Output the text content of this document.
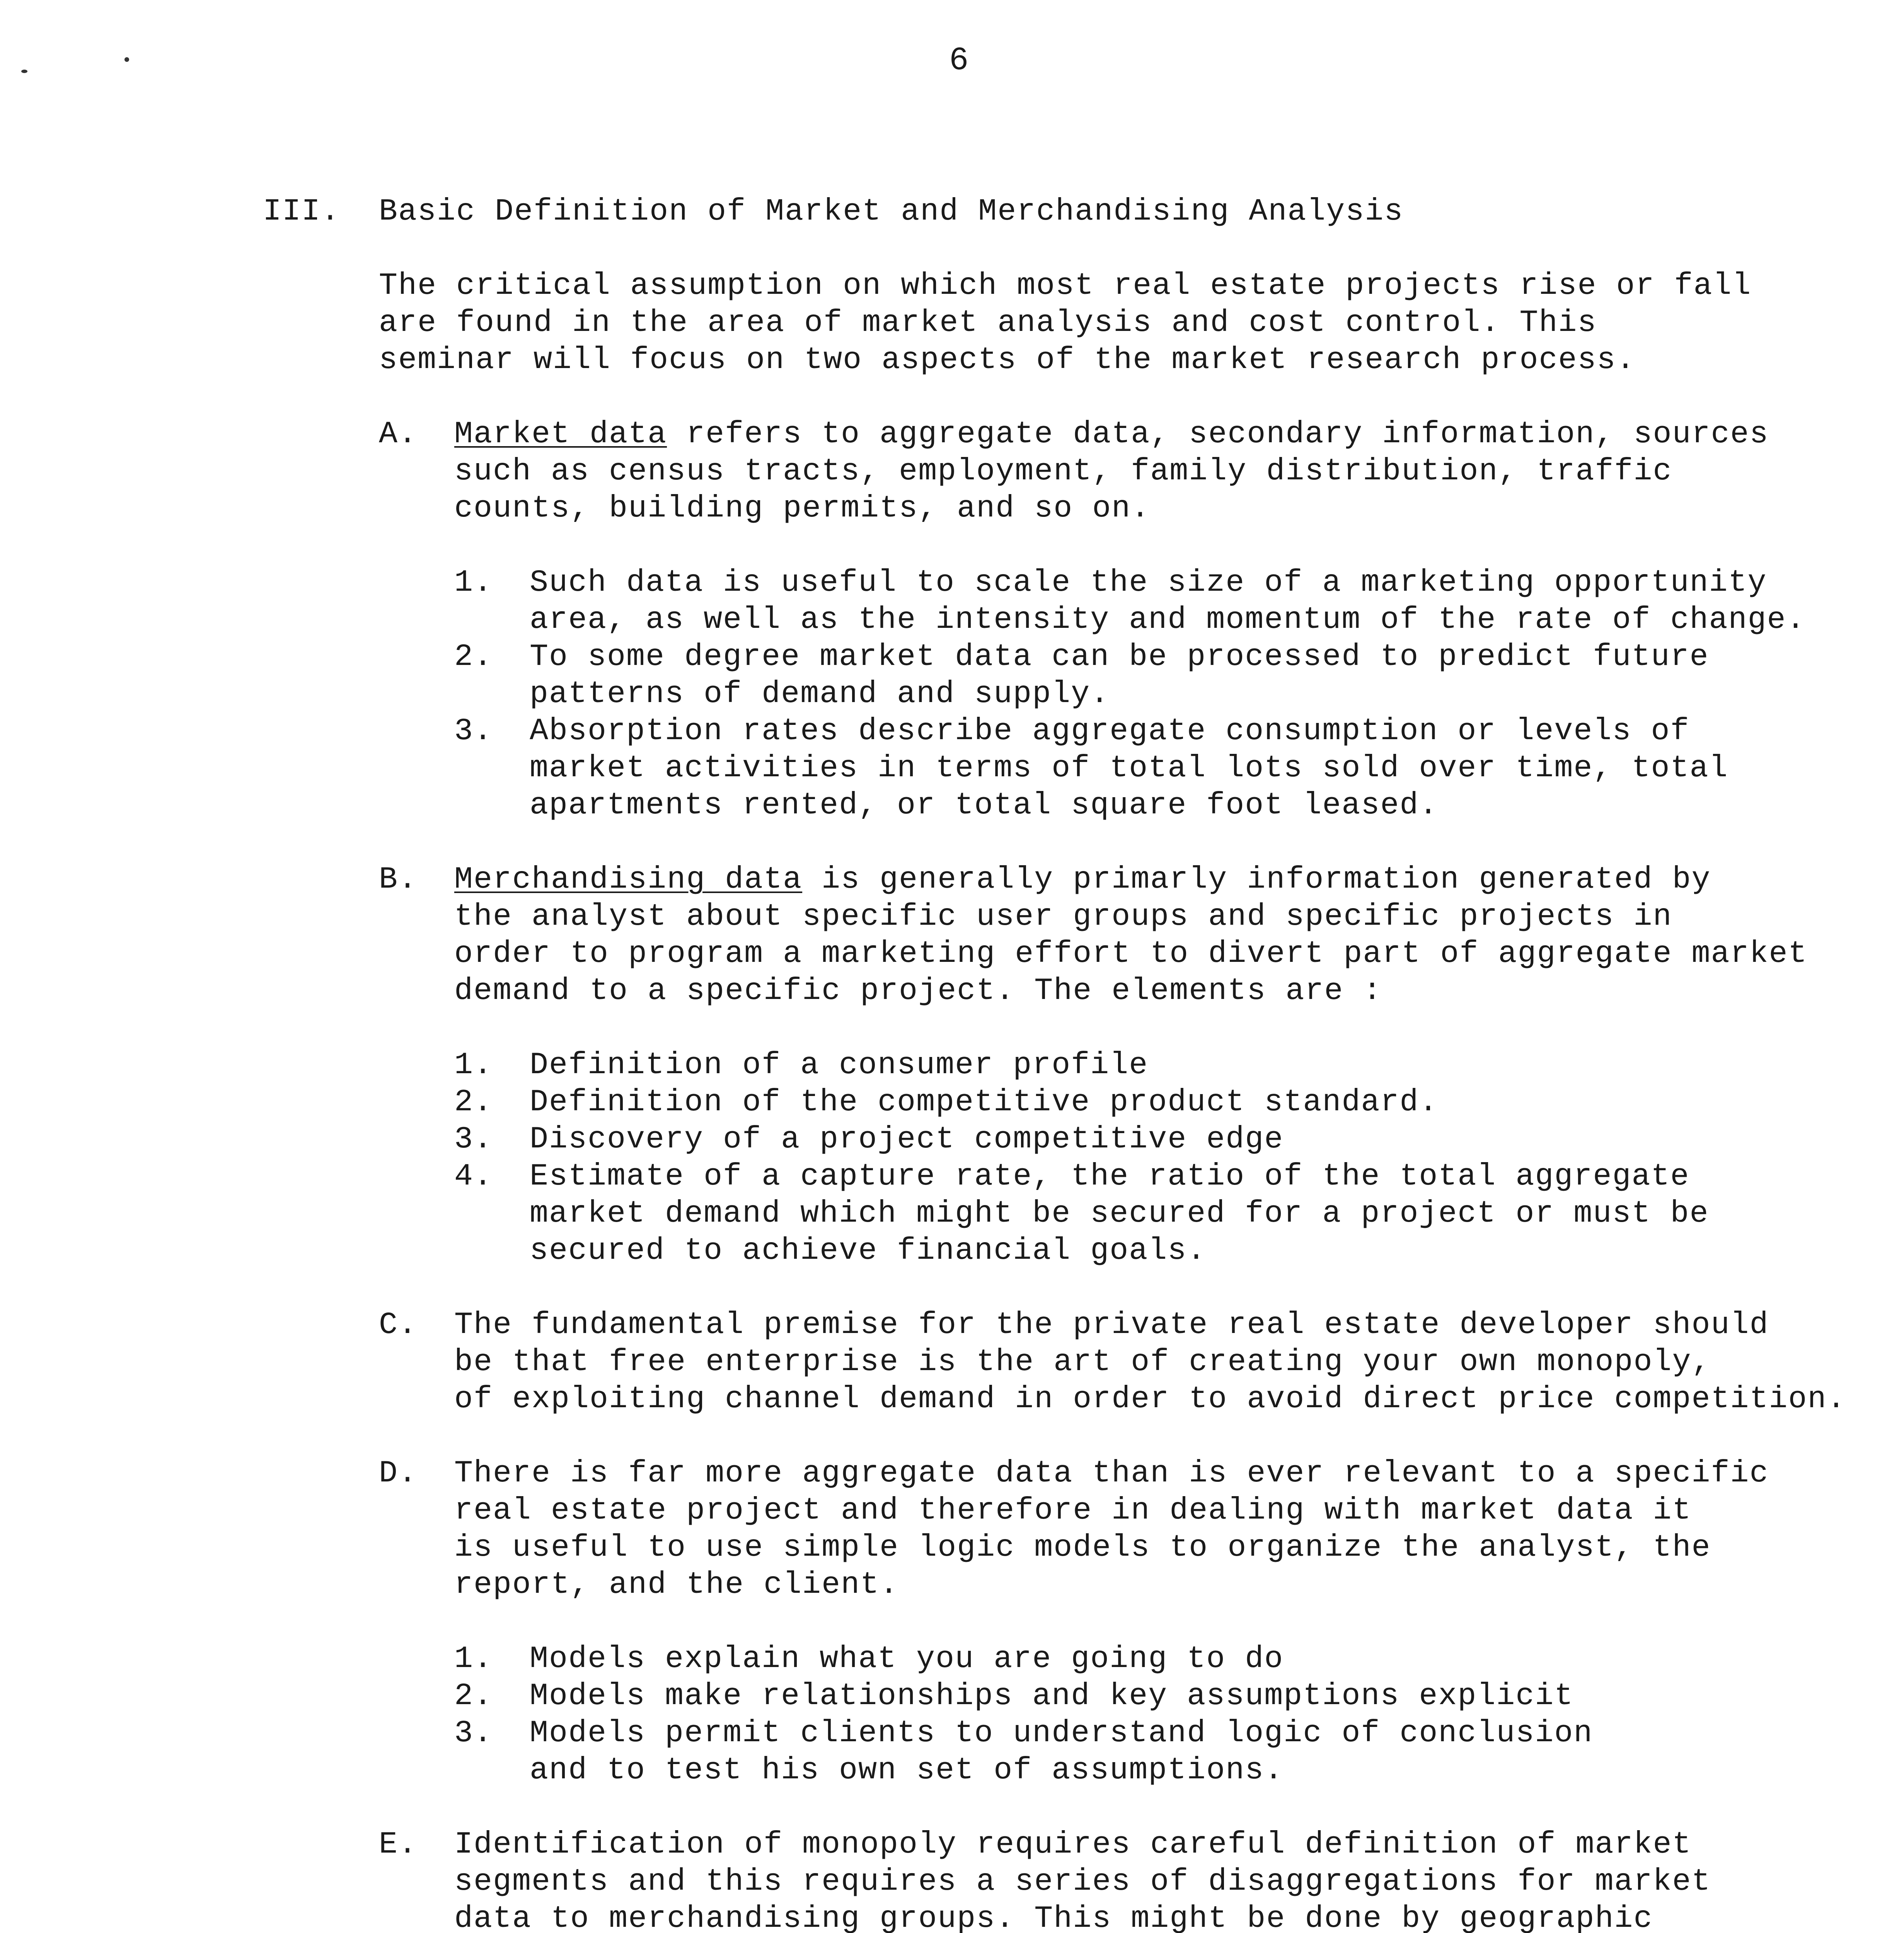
6
III.	Basic Definition of Market and Merchandising Analysis
The critical assumption on which most real estate projects rise or fall
are found in the area of market analysis and cost control. This
seminar will focus on two aspects of the market research process.
A.	Market data refers to aggregate data, secondary information, sources
such as census tracts, employment, family distribution, traffic
counts, building permits, and so on.
1.	Such data is useful to scale the size of a marketing opportunity
area, as well as the intensity and momentum of the rate of change.
2.	To some degree market data can be processed to predict future
patterns of demand and supply.
3.	Absorption rates describe aggregate consumption or levels of
market activities in terms of total lots sold over time, total
apartments rented, or total square foot leased.
B.	Merchandising data is generally primarly information generated by
the analyst about specific user groups and specific projects in
order to program a marketing effort to divert part of aggregate market
demand to a specific project. The elements are :
1.	Definition of a consumer profile
2.	Definition of the competitive product standard.
3.	Discovery of a project competitive edge
4.	Estimate of a capture rate, the ratio of the total aggregate
market demand which might be secured for a project or must be
secured to achieve financial goals.
C.	The fundamental premise for the private real estate developer should
be that free enterprise is the art of creating your own monopoly,
of exploiting channel demand in order to avoid direct price competition.
D.	There is far more aggregate data than is ever relevant to a specific
real estate project and therefore in dealing with market data it
is useful to use simple logic models to organize the analyst, the
report, and the client.
1.	Models explain what you are going to do
2.	Models make relationships and key assumptions explicit
3.	Models permit clients to understand logic of conclusion
and to test his own set of assumptions.
E.	Identification of monopoly requires careful definition of market
segments and this requires a series of disaggregations for market
data to merchandising groups. This might be done by geographic
